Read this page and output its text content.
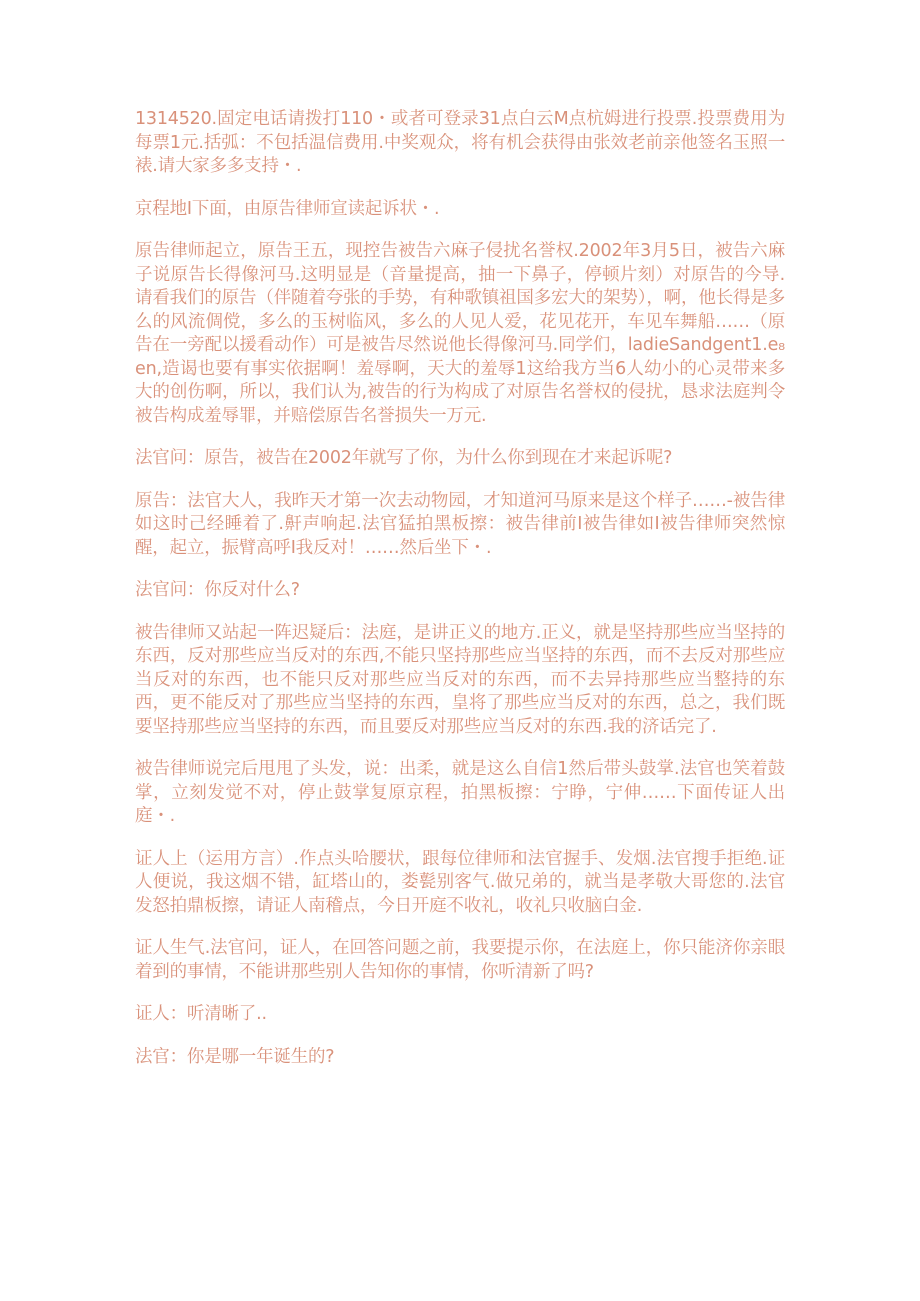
1314520.固定电话请拨打110・或者可登录31点白云M点杭姆进行投票.投票费用为每票1元.括弧：不包括温信费用.中奖观众，将有机会获得由张效老前亲他签名玉照一裱.请大家多多支持・.

京程地I下面，由原告律师宣读起诉状・.

原告律师起立，原告王五，现控告被告六麻子侵扰名誉权.2002年3月5日，被告六麻子说原告长得像河马.这明显是（音量提高，抽一下鼻子，停顿片刻）对原告的今导.请看我们的原告（伴随着夸张的手势，有种歌镇祖国多宏大的架势），啊，他长得是多么的风流倜傥，多么的玉树临风，多么的人见人爱，花见花开，车见车舞船……（原告在一旁配以援看动作）可是被告尽然说他长得像河马.同学们，ladieSandgent1.e₈en,造谒也要有事实依据啊！羞辱啊，天大的羞辱1这给我方当6人幼小的心灵带来多大的创伤啊，所以，我们认为,被告的行为构成了对原告名誉权的侵扰，恳求法庭判令被告构成羞辱罪，并赔偿原告名誉损失一万元.

法官问：原告，被告在2002年就写了你，为什么你到现在才来起诉呢?

原告：法官大人，我昨天才第一次去动物园，才知道河马原来是这个样子……-被告律如这时己经睡着了.鼾声响起.法官猛拍黑板擦：被告律前I被告律如I被告律师突然惊醒，起立，振臂高呼I我反对！……然后坐下・.

法官问：你反对什么?

被告律师又站起一阵迟疑后：法庭，是讲正义的地方.正义，就是坚持那些应当坚持的东西，反对那些应当反对的东西,不能只坚持那些应当坚持的东西，而不去反对那些应当反对的东西，也不能只反对那些应当反对的东西，而不去异持那些应当整持的东西，更不能反对了那些应当坚持的东西，皇将了那些应当反对的东西，总之，我们既要坚持那些应当坚持的东西，而且要反对那些应当反对的东西.我的济话完了.

被告律师说完后甩甩了头发，说：出柔，就是这么自信1然后带头鼓掌.法官也笑着鼓掌，立刻发觉不对，停止鼓掌复原京程，拍黑板擦：宁睁，宁伸……下面传证人出庭・.

证人上（运用方言）.作点头哈腰状，跟每位律师和法官握手、发烟.法官搜手拒绝.证人便说，我这烟不错，缸塔山的，娄甏别客气.做兄弟的，就当是孝敬大哥您的.法官发怒拍鼎板擦，请证人南稽点，今日开庭不收礼，收礼只收脑白金.

证人生气.法官问，证人，在回答问题之前，我要提示你，在法庭上，你只能济你亲眼着到的事情，不能讲那些别人告知你的事情，你听清新了吗?

证人：听清晰了..

法官：你是哪一年诞生的?
